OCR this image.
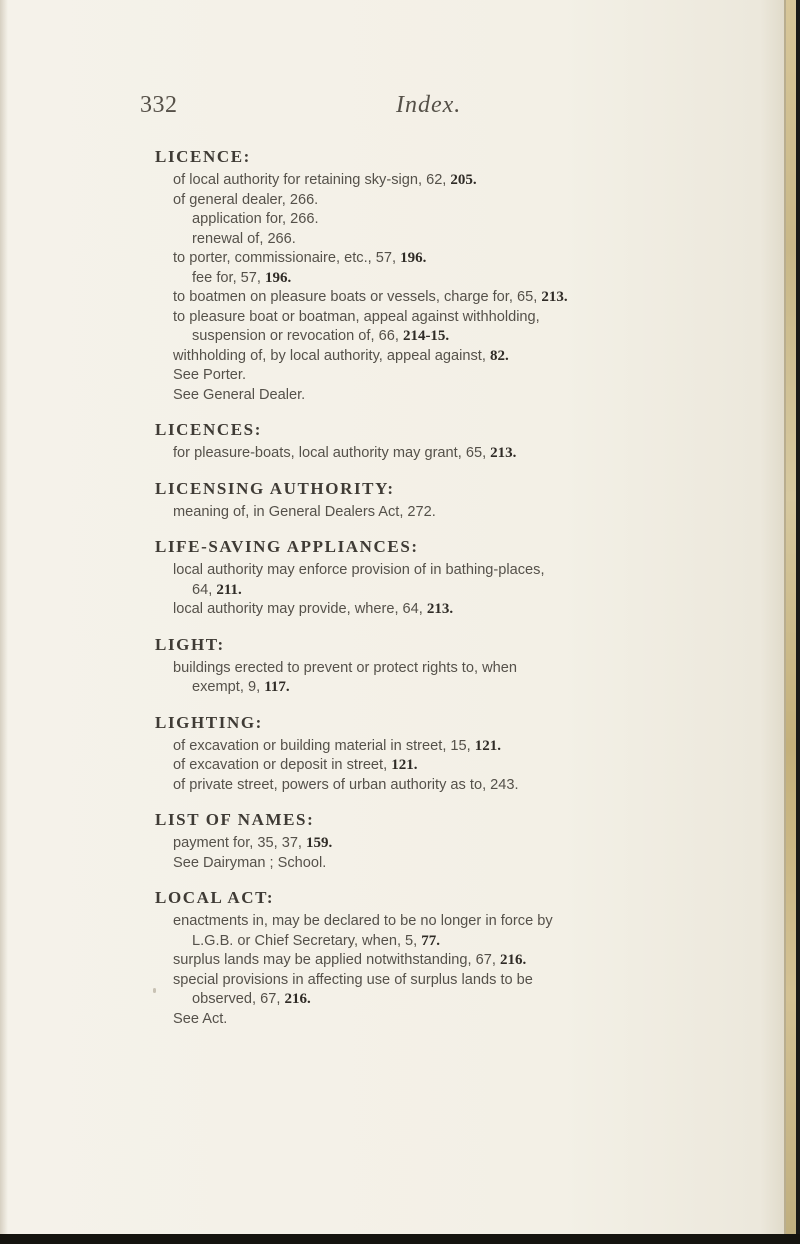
332	Index.
LICENCE:
of local authority for retaining sky-sign, 62, 205.
of general dealer, 266.
application for, 266.
renewal of, 266.
to porter, commissionaire, etc., 57, 196.
fee for, 57, 196.
to boatmen on pleasure boats or vessels, charge for, 65, 213.
to pleasure boat or boatman, appeal against withholding,
suspension or revocation of, 66, 214-15.
withholding of, by local authority, appeal against, 82.
See Porter.
See General Dealer.
LICENCES:
for pleasure-boats, local authority may grant, 65, 213.
LICENSING AUTHORITY:
meaning of, in General Dealers Act, 272.
LIFE-SAVING APPLIANCES:
local authority may enforce provision of in bathing-places,
64, 211.
local authority may provide, where, 64, 213.
LIGHT:
buildings erected to prevent or protect rights to, when
exempt, 9, 117.
LIGHTING:
of excavation or building material in street, 15, 121.
of excavation or deposit in street, 121.
of private street, powers of urban authority as to, 243.
LIST OF NAMES:
payment for, 35, 37, 159.
See Dairyman ; School.
LOCAL ACT:
enactments in, may be declared to be no longer in force by
L.G.B. or Chief Secretary, when, 5, 77.
surplus lands may be applied notwithstanding, 67, 216.
special provisions in affecting use of surplus lands to be
observed, 67, 216.
See Act.
